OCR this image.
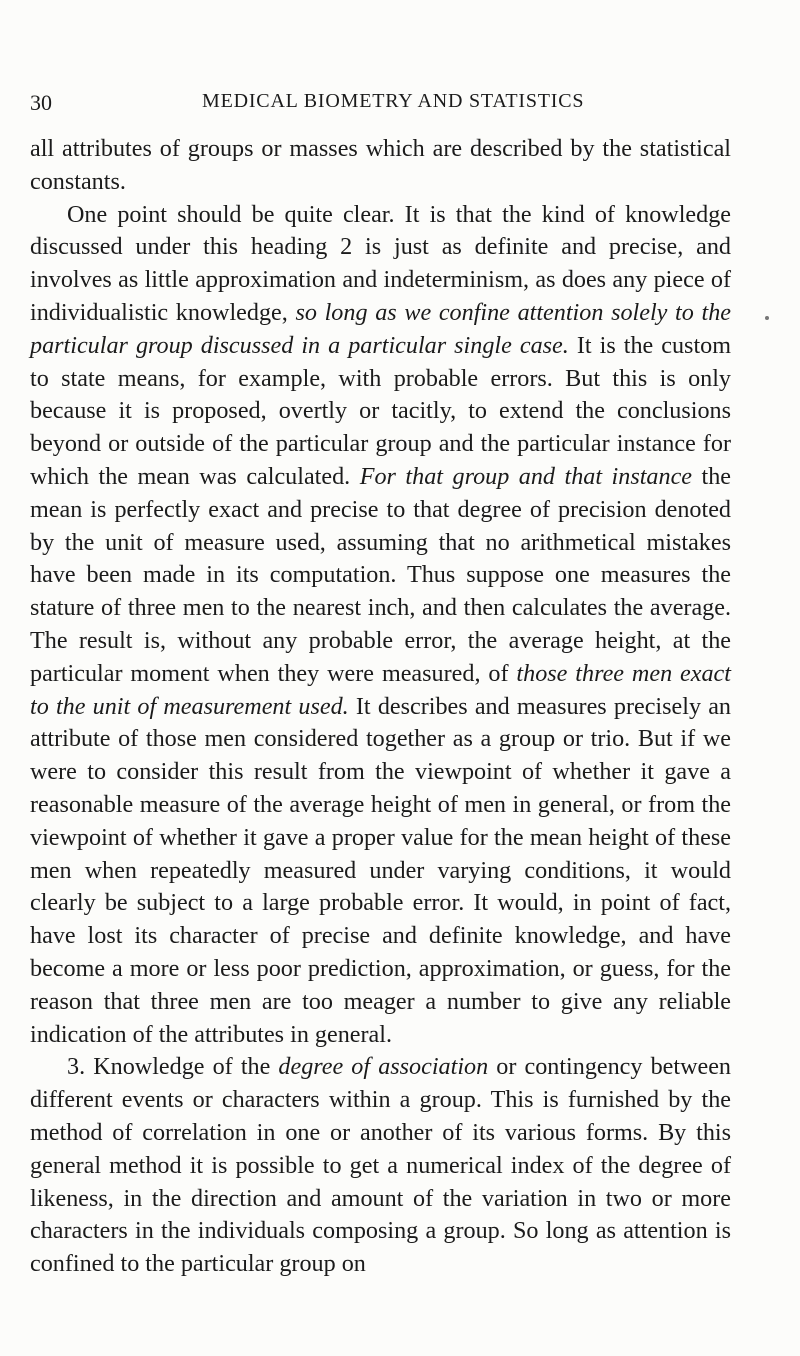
30	MEDICAL BIOMETRY AND STATISTICS

all attributes of groups or masses which are described by the statistical constants.

One point should be quite clear. It is that the kind of knowledge discussed under this heading 2 is just as definite and precise, and involves as little approximation and indeterminism, as does any piece of individualistic knowledge, so long as we confine attention solely to the particular group discussed in a particular single case. It is the custom to state means, for example, with probable errors. But this is only because it is proposed, overtly or tacitly, to extend the conclusions beyond or outside of the particular group and the particular instance for which the mean was calculated. For that group and that instance the mean is perfectly exact and precise to that degree of precision denoted by the unit of measure used, assuming that no arithmetical mistakes have been made in its computation. Thus suppose one measures the stature of three men to the nearest inch, and then calculates the average. The result is, without any probable error, the average height, at the particular moment when they were measured, of those three men exact to the unit of measurement used. It describes and measures precisely an attribute of those men considered together as a group or trio. But if we were to consider this result from the viewpoint of whether it gave a reasonable measure of the average height of men in general, or from the viewpoint of whether it gave a proper value for the mean height of these men when repeatedly measured under varying conditions, it would clearly be subject to a large probable error. It would, in point of fact, have lost its character of precise and definite knowledge, and have become a more or less poor prediction, approximation, or guess, for the reason that three men are too meager a number to give any reliable indication of the attributes in general.

3. Knowledge of the degree of association or contingency between different events or characters within a group. This is furnished by the method of correlation in one or another of its various forms. By this general method it is possible to get a numerical index of the degree of likeness, in the direction and amount of the variation in two or more characters in the individuals composing a group. So long as attention is confined to the particular group on
